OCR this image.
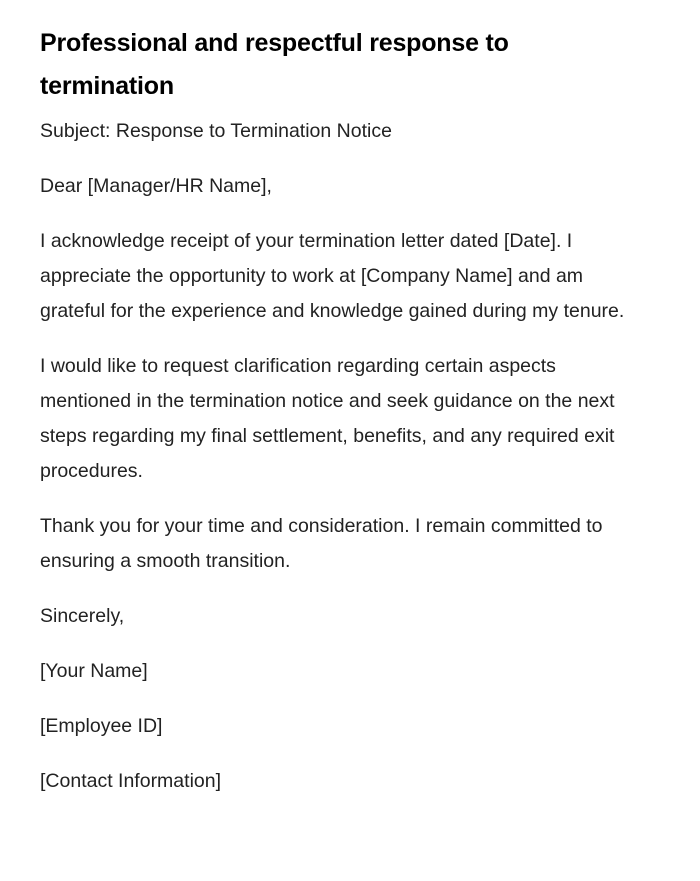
Professional and respectful response to termination

Subject: Response to Termination Notice

Dear [Manager/HR Name],

I acknowledge receipt of your termination letter dated [Date]. I appreciate the opportunity to work at [Company Name] and am grateful for the experience and knowledge gained during my tenure.

I would like to request clarification regarding certain aspects mentioned in the termination notice and seek guidance on the next steps regarding my final settlement, benefits, and any required exit procedures.

Thank you for your time and consideration. I remain committed to ensuring a smooth transition.

Sincerely,

[Your Name]

[Employee ID]

[Contact Information]
